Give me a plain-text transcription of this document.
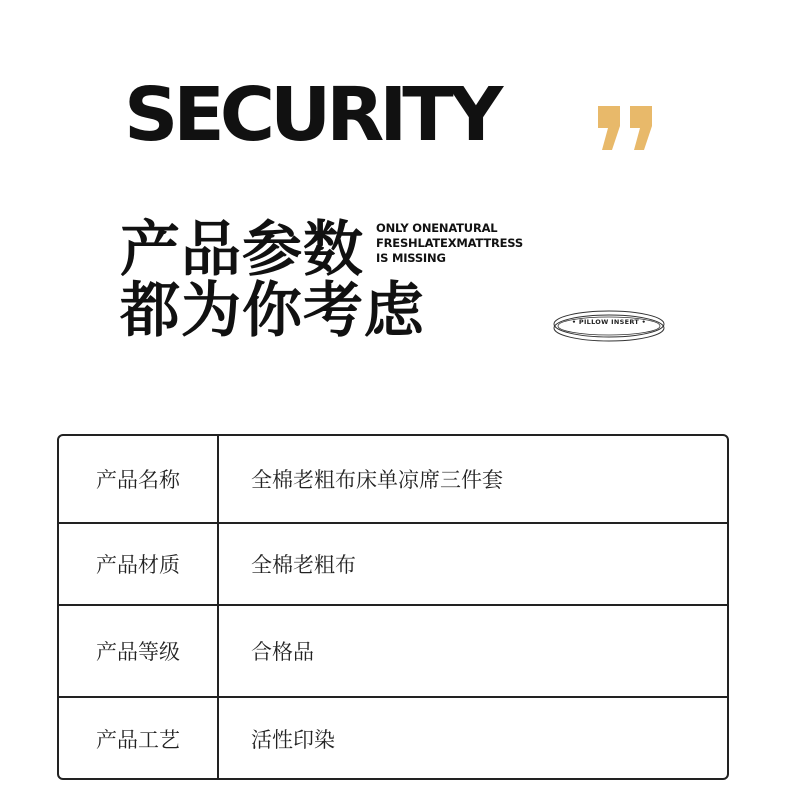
SECURITY
产品参数
都为你考虑
ONLY ONENATURAL
FRESHLATEXMATTRESS
IS MISSING
• PILLOW INSERT •
产品名称	全棉老粗布床单凉席三件套
产品材质	全棉老粗布
产品等级	合格品
产品工艺	活性印染
